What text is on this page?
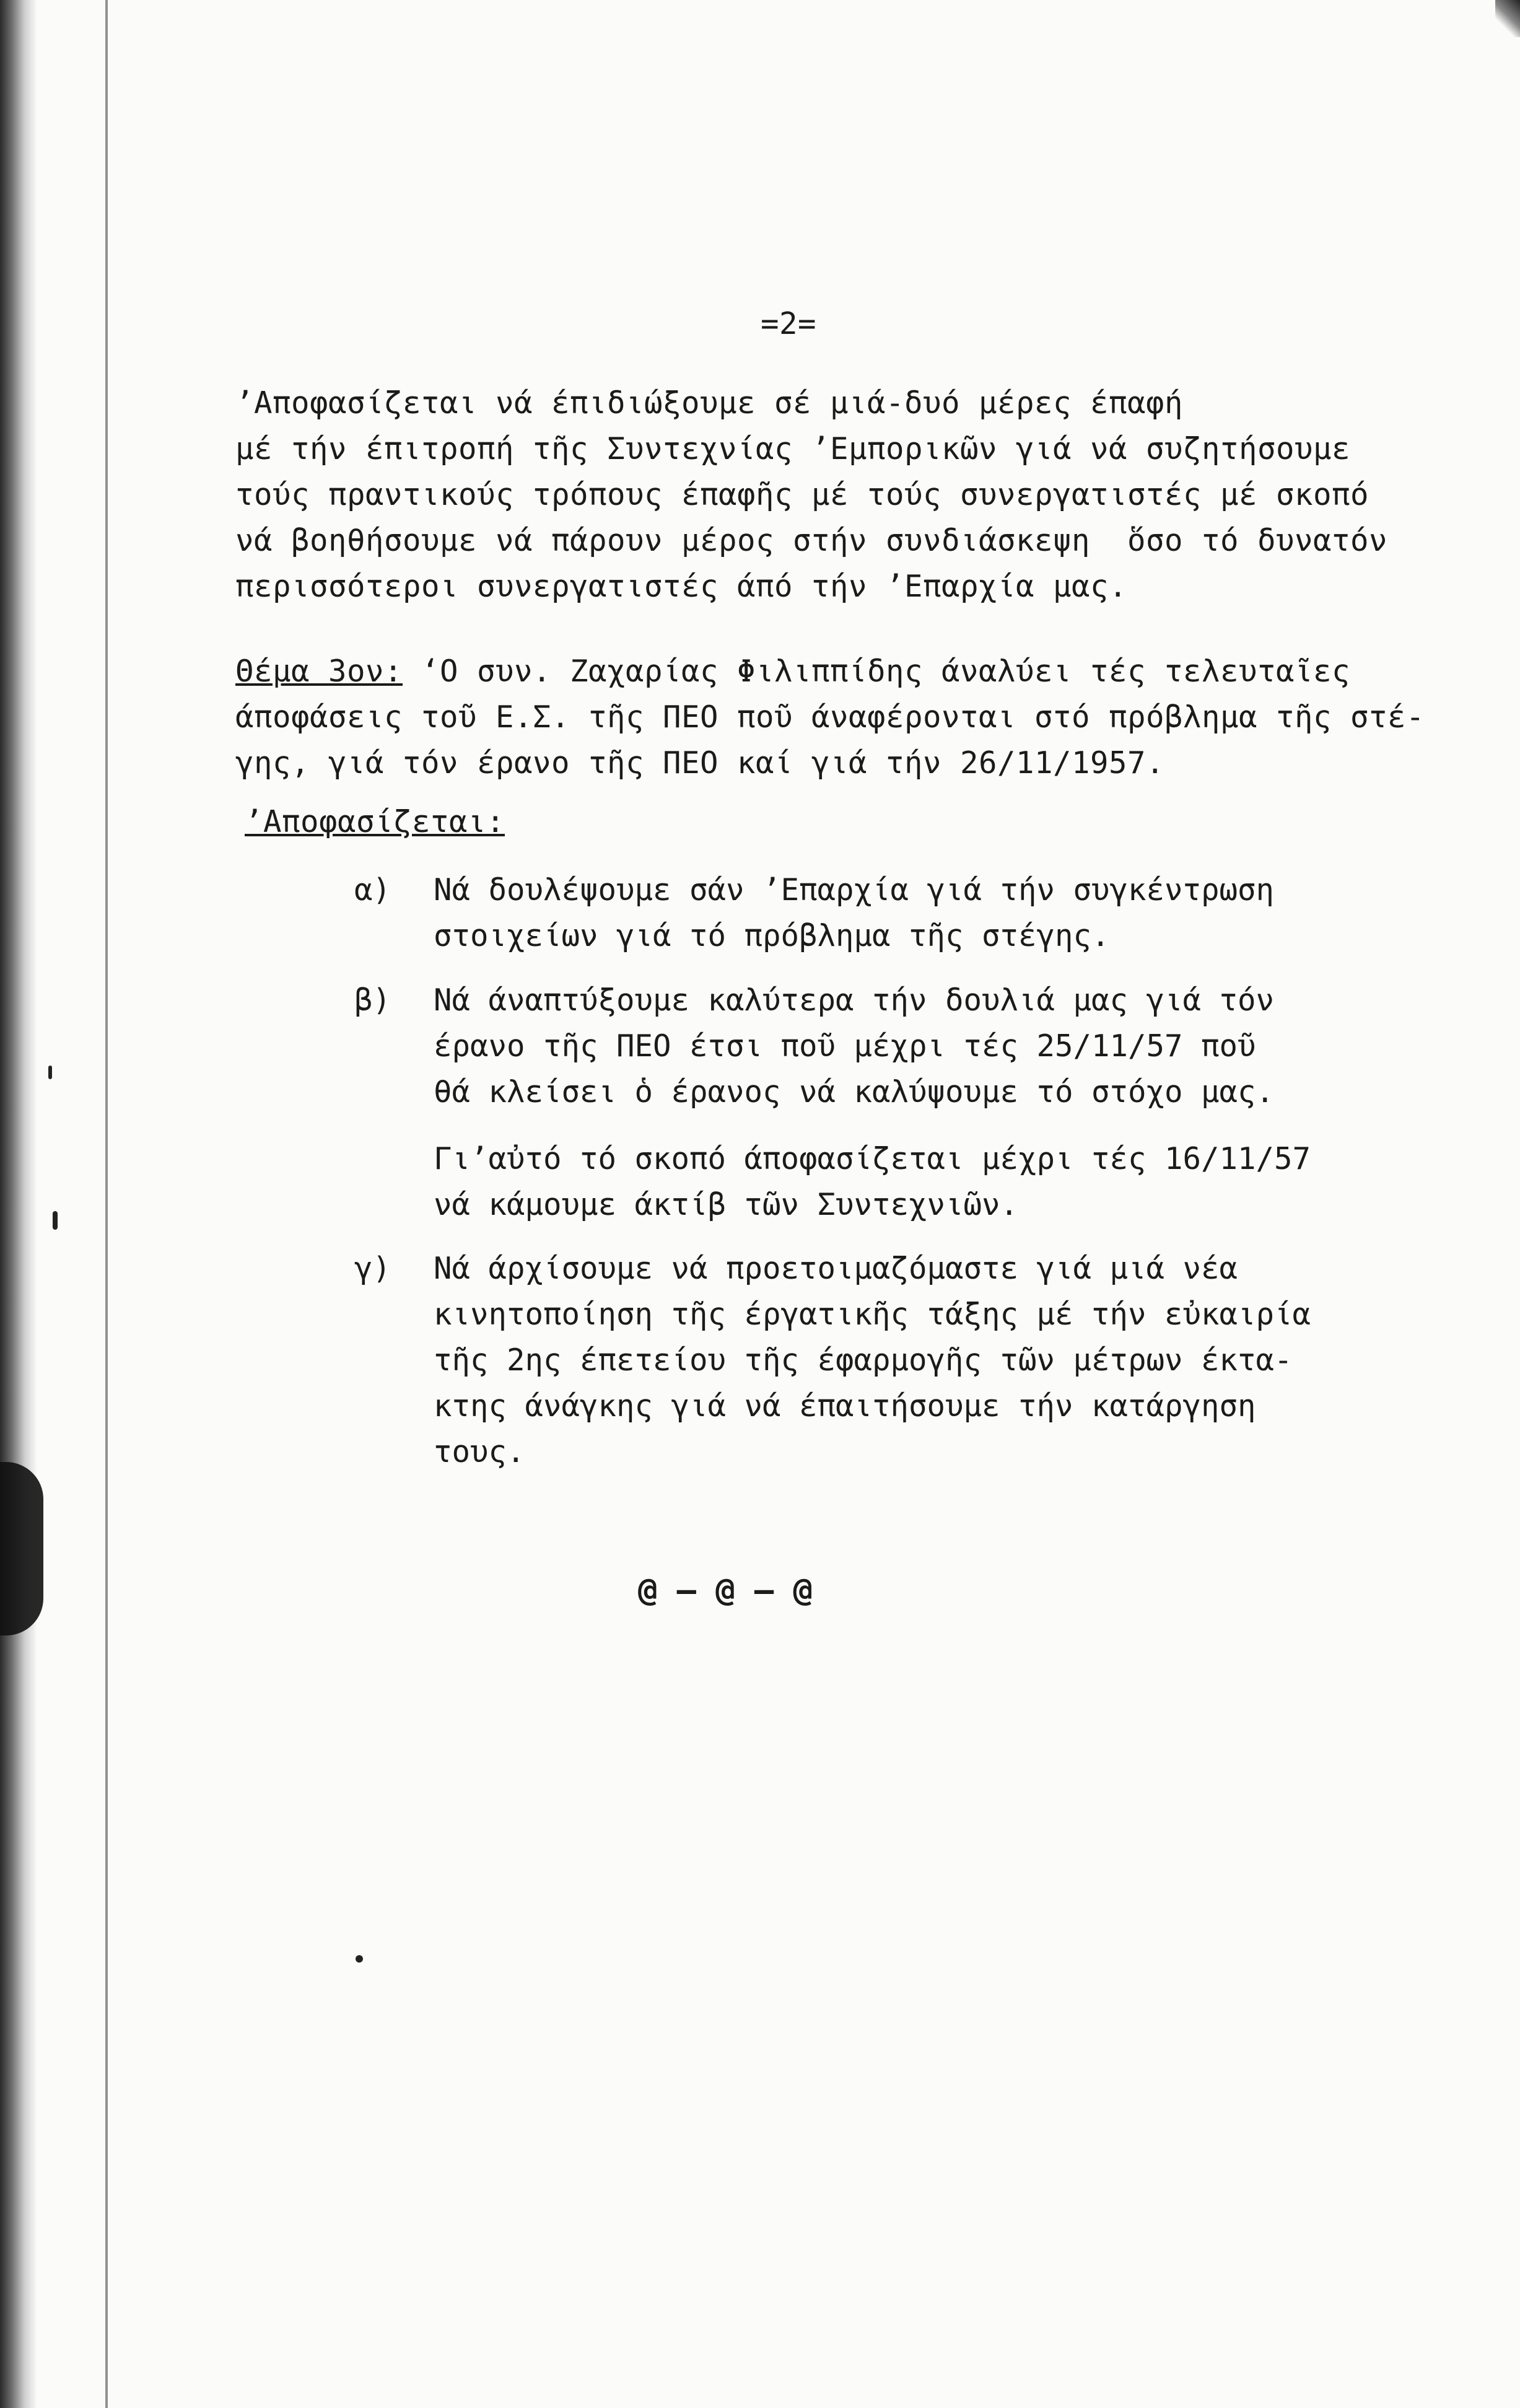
=2=
’Αποφασίζεται νά έπιδιώξουμε σέ μιά-δυό μέρες έπαφή
μέ τήν έπιτροπή τῆς Συντεχνίας ’Εμπορικῶν γιά νά συζητήσουμε
τούς πραντικούς τρόπους έπαφῆς μέ τούς συνεργατιστές μέ σκοπό
νά βοηθήσουμε νά πάρουν μέρος στήν συνδιάσκεψη  ὅσο τό δυνατόν
περισσότεροι συνεργατιστές άπό τήν ’Επαρχία μας.
Θέμα 3ον: ‘Ο συν. Ζαχαρίας Φιλιππίδης άναλύει τές τελευταῖες
άποφάσεις τοῦ Ε.Σ. τῆς ΠΕΟ ποῦ άναφέρονται στό πρόβλημα τῆς στέ-
γης, γιά τόν έρανο τῆς ΠΕΟ καί γιά τήν 26/11/1957.
’Αποφασίζεται:
α) Νά δουλέψουμε σάν ’Επαρχία γιά τήν συγκέντρωση
στοιχείων γιά τό πρόβλημα τῆς στέγης.
β) Νά άναπτύξουμε καλύτερα τήν δουλιά μας γιά τόν
έρανο τῆς ΠΕΟ έτσι ποῦ μέχρι τές 25/11/57 ποῦ
θά κλείσει ὁ έρανος νά καλύψουμε τό στόχο μας.
Γι’αὐτό τό σκοπό άποφασίζεται μέχρι τές 16/11/57
νά κάμουμε άκτίβ τῶν Συντεχνιῶν.
γ) Νά άρχίσουμε νά προετοιμαζόμαστε γιά μιά νέα
κινητοποίηση τῆς έργατικῆς τάξης μέ τήν εὐκαιρία
τῆς 2ης έπετείου τῆς έφαρμογῆς τῶν μέτρων έκτα-
κτης άνάγκης γιά νά έπαιτήσουμε τήν κατάργηση
τους.
@ – @ – @
